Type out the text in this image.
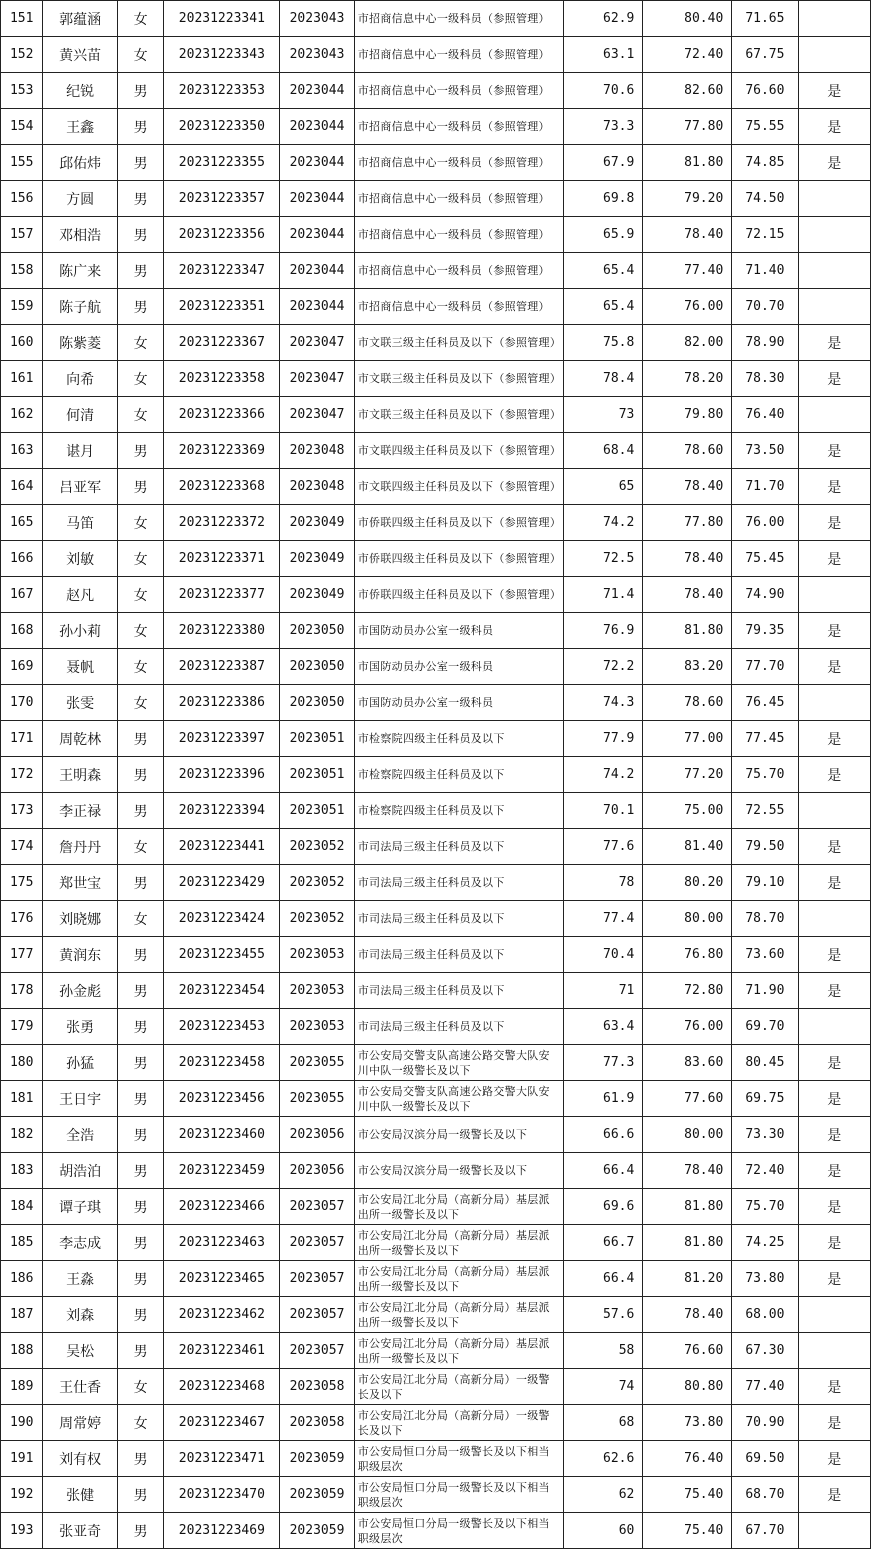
151	郭蕴涵	女	20231223341	2023043	市招商信息中心一级科员（参照管理）	62.9	80.40	71.65	
152	黄兴苗	女	20231223343	2023043	市招商信息中心一级科员（参照管理）	63.1	72.40	67.75	
153	纪锐	男	20231223353	2023044	市招商信息中心一级科员（参照管理）	70.6	82.60	76.60	是
154	王鑫	男	20231223350	2023044	市招商信息中心一级科员（参照管理）	73.3	77.80	75.55	是
155	邱佑炜	男	20231223355	2023044	市招商信息中心一级科员（参照管理）	67.9	81.80	74.85	是
156	方圆	男	20231223357	2023044	市招商信息中心一级科员（参照管理）	69.8	79.20	74.50	
157	邓相浩	男	20231223356	2023044	市招商信息中心一级科员（参照管理）	65.9	78.40	72.15	
158	陈广来	男	20231223347	2023044	市招商信息中心一级科员（参照管理）	65.4	77.40	71.40	
159	陈子航	男	20231223351	2023044	市招商信息中心一级科员（参照管理）	65.4	76.00	70.70	
160	陈紫菱	女	20231223367	2023047	市文联三级主任科员及以下（参照管理）	75.8	82.00	78.90	是
161	向希	女	20231223358	2023047	市文联三级主任科员及以下（参照管理）	78.4	78.20	78.30	是
162	何清	女	20231223366	2023047	市文联三级主任科员及以下（参照管理）	73	79.80	76.40	
163	谌月	男	20231223369	2023048	市文联四级主任科员及以下（参照管理）	68.4	78.60	73.50	是
164	吕亚军	男	20231223368	2023048	市文联四级主任科员及以下（参照管理）	65	78.40	71.70	是
165	马笛	女	20231223372	2023049	市侨联四级主任科员及以下（参照管理）	74.2	77.80	76.00	是
166	刘敏	女	20231223371	2023049	市侨联四级主任科员及以下（参照管理）	72.5	78.40	75.45	是
167	赵凡	女	20231223377	2023049	市侨联四级主任科员及以下（参照管理）	71.4	78.40	74.90	
168	孙小莉	女	20231223380	2023050	市国防动员办公室一级科员	76.9	81.80	79.35	是
169	聂帆	女	20231223387	2023050	市国防动员办公室一级科员	72.2	83.20	77.70	是
170	张雯	女	20231223386	2023050	市国防动员办公室一级科员	74.3	78.60	76.45	
171	周乾林	男	20231223397	2023051	市检察院四级主任科员及以下	77.9	77.00	77.45	是
172	王明森	男	20231223396	2023051	市检察院四级主任科员及以下	74.2	77.20	75.70	是
173	李正禄	男	20231223394	2023051	市检察院四级主任科员及以下	70.1	75.00	72.55	
174	詹丹丹	女	20231223441	2023052	市司法局三级主任科员及以下	77.6	81.40	79.50	是
175	郑世宝	男	20231223429	2023052	市司法局三级主任科员及以下	78	80.20	79.10	是
176	刘晓娜	女	20231223424	2023052	市司法局三级主任科员及以下	77.4	80.00	78.70	
177	黄润东	男	20231223455	2023053	市司法局三级主任科员及以下	70.4	76.80	73.60	是
178	孙金彪	男	20231223454	2023053	市司法局三级主任科员及以下	71	72.80	71.90	是
179	张勇	男	20231223453	2023053	市司法局三级主任科员及以下	63.4	76.00	69.70	
180	孙猛	男	20231223458	2023055	市公安局交警支队高速公路交警大队安川中队一级警长及以下	77.3	83.60	80.45	是
181	王日宇	男	20231223456	2023055	市公安局交警支队高速公路交警大队安川中队一级警长及以下	61.9	77.60	69.75	是
182	全浩	男	20231223460	2023056	市公安局汉滨分局一级警长及以下	66.6	80.00	73.30	是
183	胡浩泊	男	20231223459	2023056	市公安局汉滨分局一级警长及以下	66.4	78.40	72.40	是
184	谭子琪	男	20231223466	2023057	市公安局江北分局（高新分局）基层派出所一级警长及以下	69.6	81.80	75.70	是
185	李志成	男	20231223463	2023057	市公安局江北分局（高新分局）基层派出所一级警长及以下	66.7	81.80	74.25	是
186	王淼	男	20231223465	2023057	市公安局江北分局（高新分局）基层派出所一级警长及以下	66.4	81.20	73.80	是
187	刘森	男	20231223462	2023057	市公安局江北分局（高新分局）基层派出所一级警长及以下	57.6	78.40	68.00	
188	吴松	男	20231223461	2023057	市公安局江北分局（高新分局）基层派出所一级警长及以下	58	76.60	67.30	
189	王仕香	女	20231223468	2023058	市公安局江北分局（高新分局）一级警长及以下	74	80.80	77.40	是
190	周常婷	女	20231223467	2023058	市公安局江北分局（高新分局）一级警长及以下	68	73.80	70.90	是
191	刘有权	男	20231223471	2023059	市公安局恒口分局一级警长及以下相当职级层次	62.6	76.40	69.50	是
192	张健	男	20231223470	2023059	市公安局恒口分局一级警长及以下相当职级层次	62	75.40	68.70	是
193	张亚奇	男	20231223469	2023059	市公安局恒口分局一级警长及以下相当职级层次	60	75.40	67.70	
